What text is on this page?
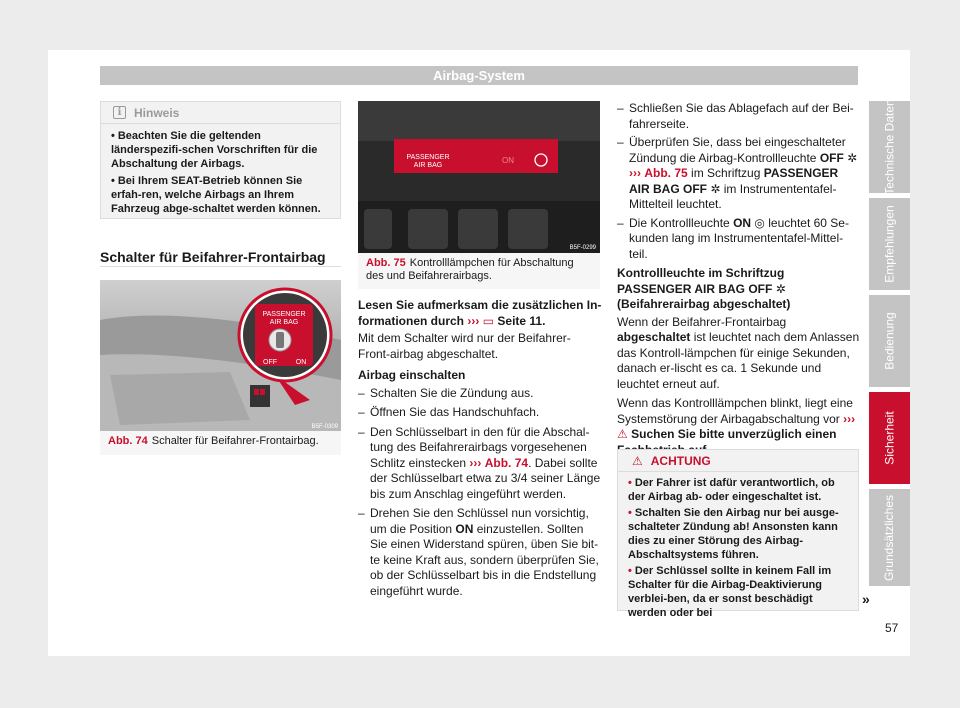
Airbag-System
i	Hinweis

• Beachten Sie die geltenden länderspezifi-schen Vorschriften für die Abschaltung der Airbags.

• Bei Ihrem SEAT-Betrieb können Sie erfah-ren, welche Airbags an Ihrem Fahrzeug abge-schaltet werden können.

Schalter für Beifahrer-Frontairbag
PASSENGER
AIR BAG
OFF	ON
B5F-0309
Abb. 74 Schalter für Beifahrer-Frontairbag.
PASSENGER
AIR BAG
ON
B5F-0299
Abb. 75 Kontrolllämpchen für Abschaltung des und Beifahrerairbags.

Lesen Sie aufmerksam die zusätzlichen In-formationen durch ››› ▭ Seite 11.

Mit dem Schalter wird nur der Beifahrer-Front-airbag abgeschaltet.

Airbag einschalten

– Schalten Sie die Zündung aus.
– Öffnen Sie das Handschuhfach.
– Den Schlüsselbart in den für die Abschal-tung des Beifahrerairbags vorgesehenen Schlitz einstecken ››› Abb. 74. Dabei sollte der Schlüsselbart etwa zu 3/4 seiner Länge bis zum Anschlag eingeführt werden.
– Drehen Sie den Schlüssel nun vorsichtig, um die Position ON einzustellen. Sollten Sie einen Widerstand spüren, üben Sie bit-te keine Kraft aus, sondern überprüfen Sie, ob der Schlüsselbart bis in die Endstellung eingeführt wurde.
– Schließen Sie das Ablagefach auf der Bei-fahrerseite.
– Überprüfen Sie, dass bei eingeschalteter Zündung die Airbag-Kontrollleuchte OFF ✲ ››› Abb. 75 im Schriftzug PASSENGER AIR BAG OFF ✲ im Instrumententafel-Mittelteil leuchtet.
– Die Kontrollleuchte ON ◎ leuchtet 60 Se-kunden lang im Instrumententafel-Mittel-teil.

Kontrollleuchte im Schriftzug PASSENGER AIR BAG OFF ✲ (Beifahrerairbag abgeschaltet)

Wenn der Beifahrer-Frontairbag abgeschaltet ist leuchtet nach dem Anlassen das Kontroll-lämpchen für einige Sekunden, danach er-lischt es ca. 1 Sekunde und leuchtet erneut auf.

Wenn das Kontrolllämpchen blinkt, liegt eine Systemstörung der Airbagabschaltung vor ››› ⚠ Suchen Sie bitte unverzüglich einen

⚠ ACHTUNG

• Der Fahrer ist dafür verantwortlich, ob der Airbag ab- oder eingeschaltet ist.

• Schalten Sie den Airbag nur bei ausge-schalteter Zündung ab! Ansonsten kann dies zu einer Störung des Airbag-Abschaltsystems führen.

• Der Schlüssel sollte in keinem Fall im Schalter für die Airbag-Deaktivierung verblei-ben, da er sonst beschädigt werden oder bei

»
Technische Daten
Empfehlungen
Bedienung
Sicherheit
Grundsätzliches
57
